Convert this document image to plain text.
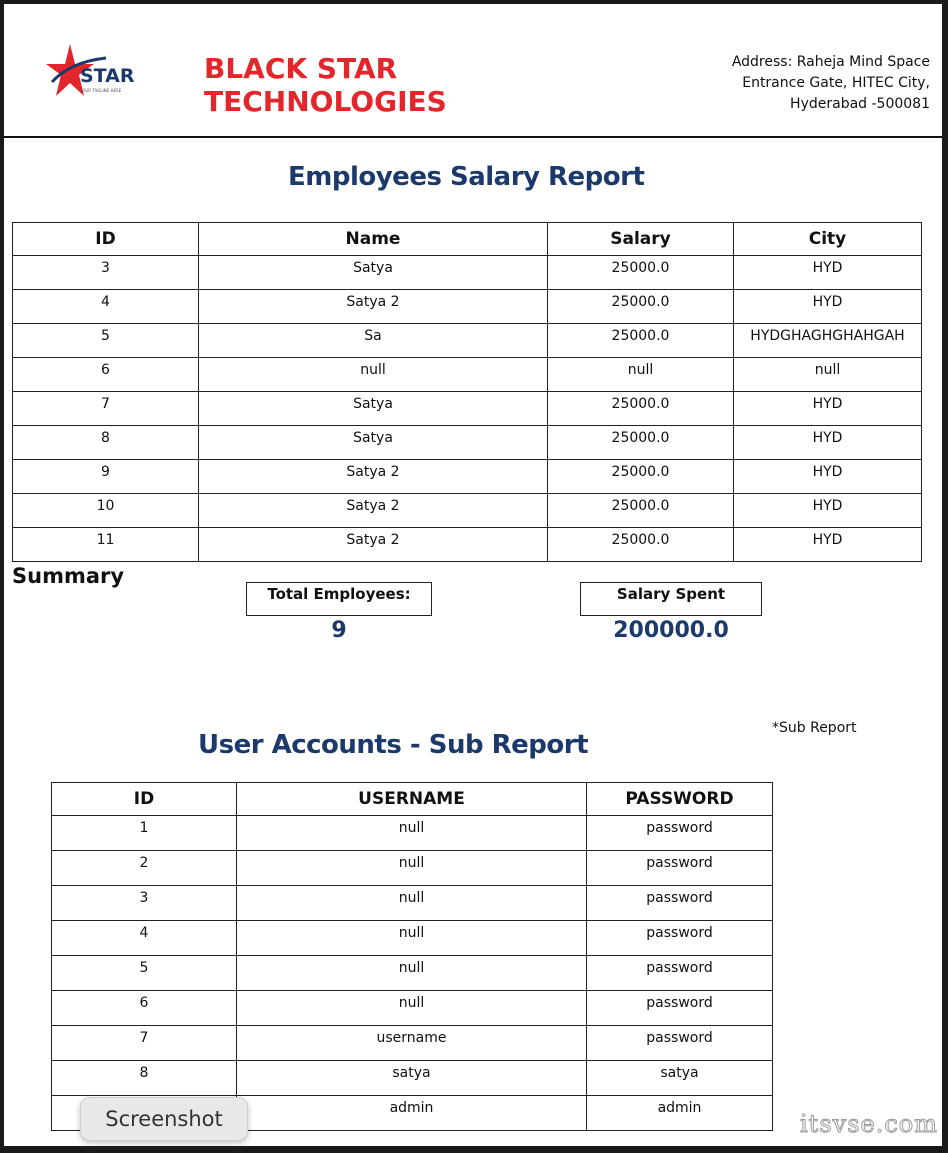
STAR
YOUR TAGLINE HERE
BLACK STAR TECHNOLOGIES
Address: Raheja Mind Space
Entrance Gate, HITEC City,
Hyderabad -500081
Employees Salary Report
ID	Name	Salary	City
3	Satya	25000.0	HYD
4	Satya 2	25000.0	HYD
5	Sa	25000.0	HYDGHAGHGHAHGAH
6	null	null	null
7	Satya	25000.0	HYD
8	Satya	25000.0	HYD
9	Satya 2	25000.0	HYD
10	Satya 2	25000.0	HYD
11	Satya 2	25000.0	HYD
Summary
Total Employees:
9
Salary Spent
200000.0
*Sub Report
User Accounts - Sub Report
ID	USERNAME	PASSWORD
1	null	password
2	null	password
3	null	password
4	null	password
5	null	password
6	null	password
7	username	password
8	satya	satya
	admin	admin
Screenshot	itsvse.com
